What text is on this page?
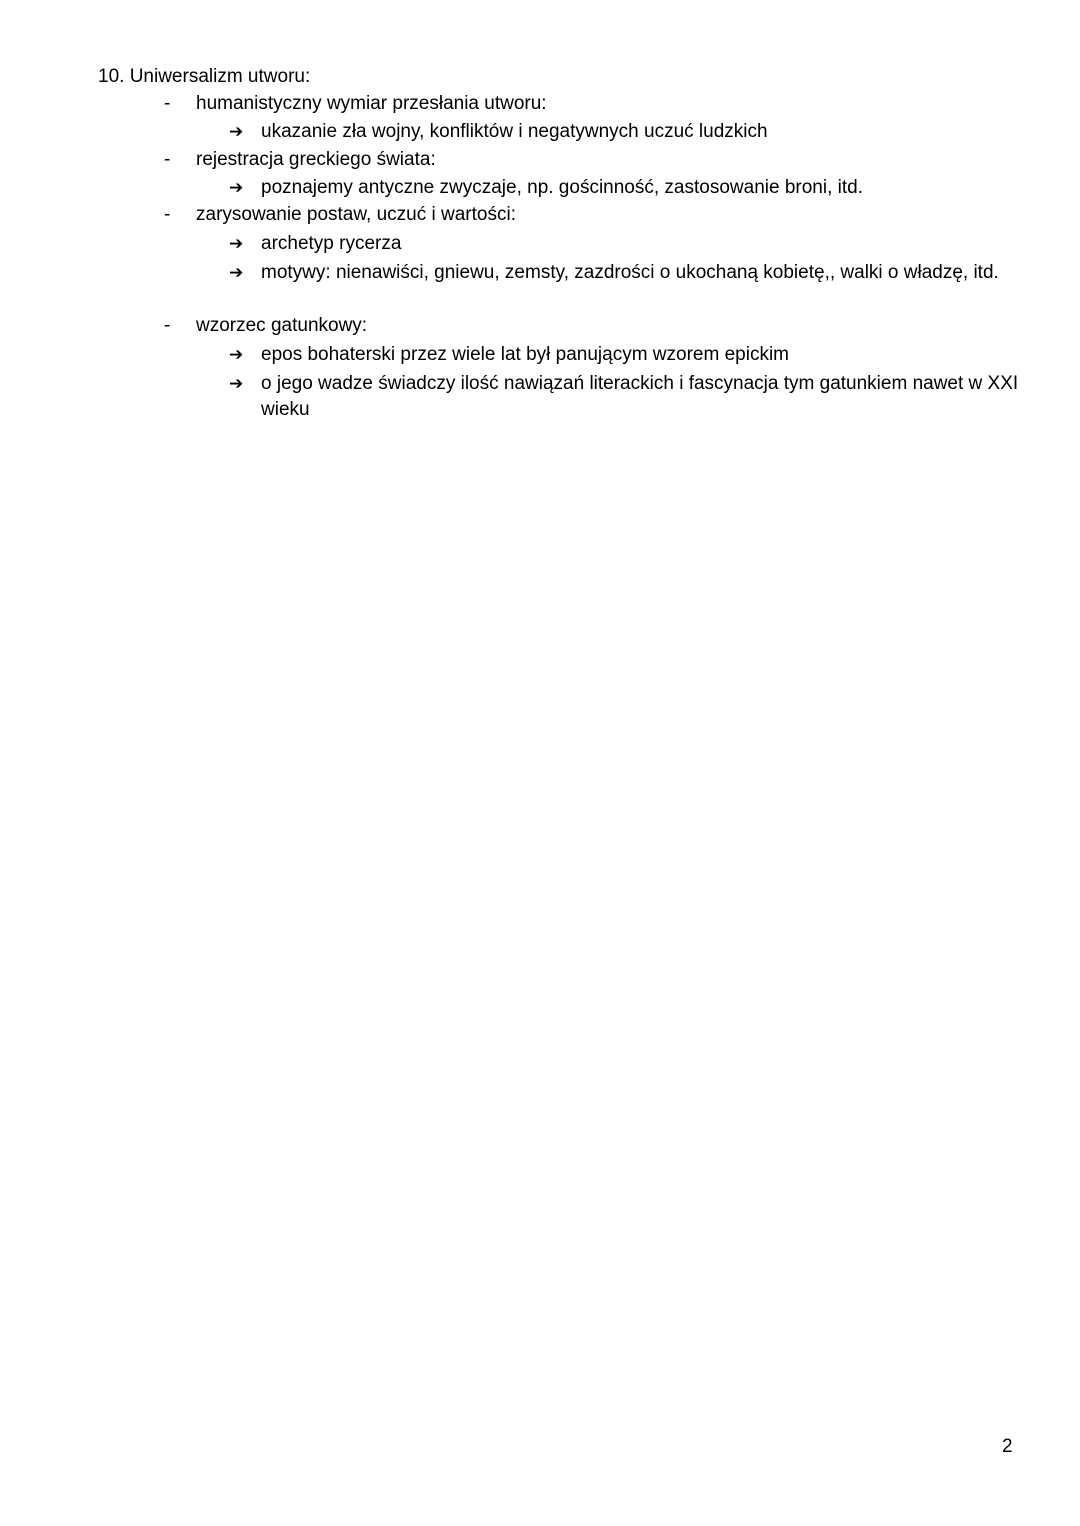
10. Uniwersalizm utworu:
- humanistyczny wymiar przesłania utworu:
➔ ukazanie zła wojny, konfliktów i negatywnych uczuć ludzkich
- rejestracja greckiego świata:
➔ poznajemy antyczne zwyczaje, np. gościnność, zastosowanie broni, itd.
- zarysowanie postaw, uczuć i wartości:
➔ archetyp rycerza
➔ motywy: nienawiści, gniewu, zemsty, zazdrości o ukochaną kobietę,, walki o władzę, itd.
- wzorzec gatunkowy:
➔ epos bohaterski przez wiele lat był panującym wzorem epickim
➔ o jego wadze świadczy ilość nawiązań literackich i fascynacja tym gatunkiem nawet w XXI wieku
2
